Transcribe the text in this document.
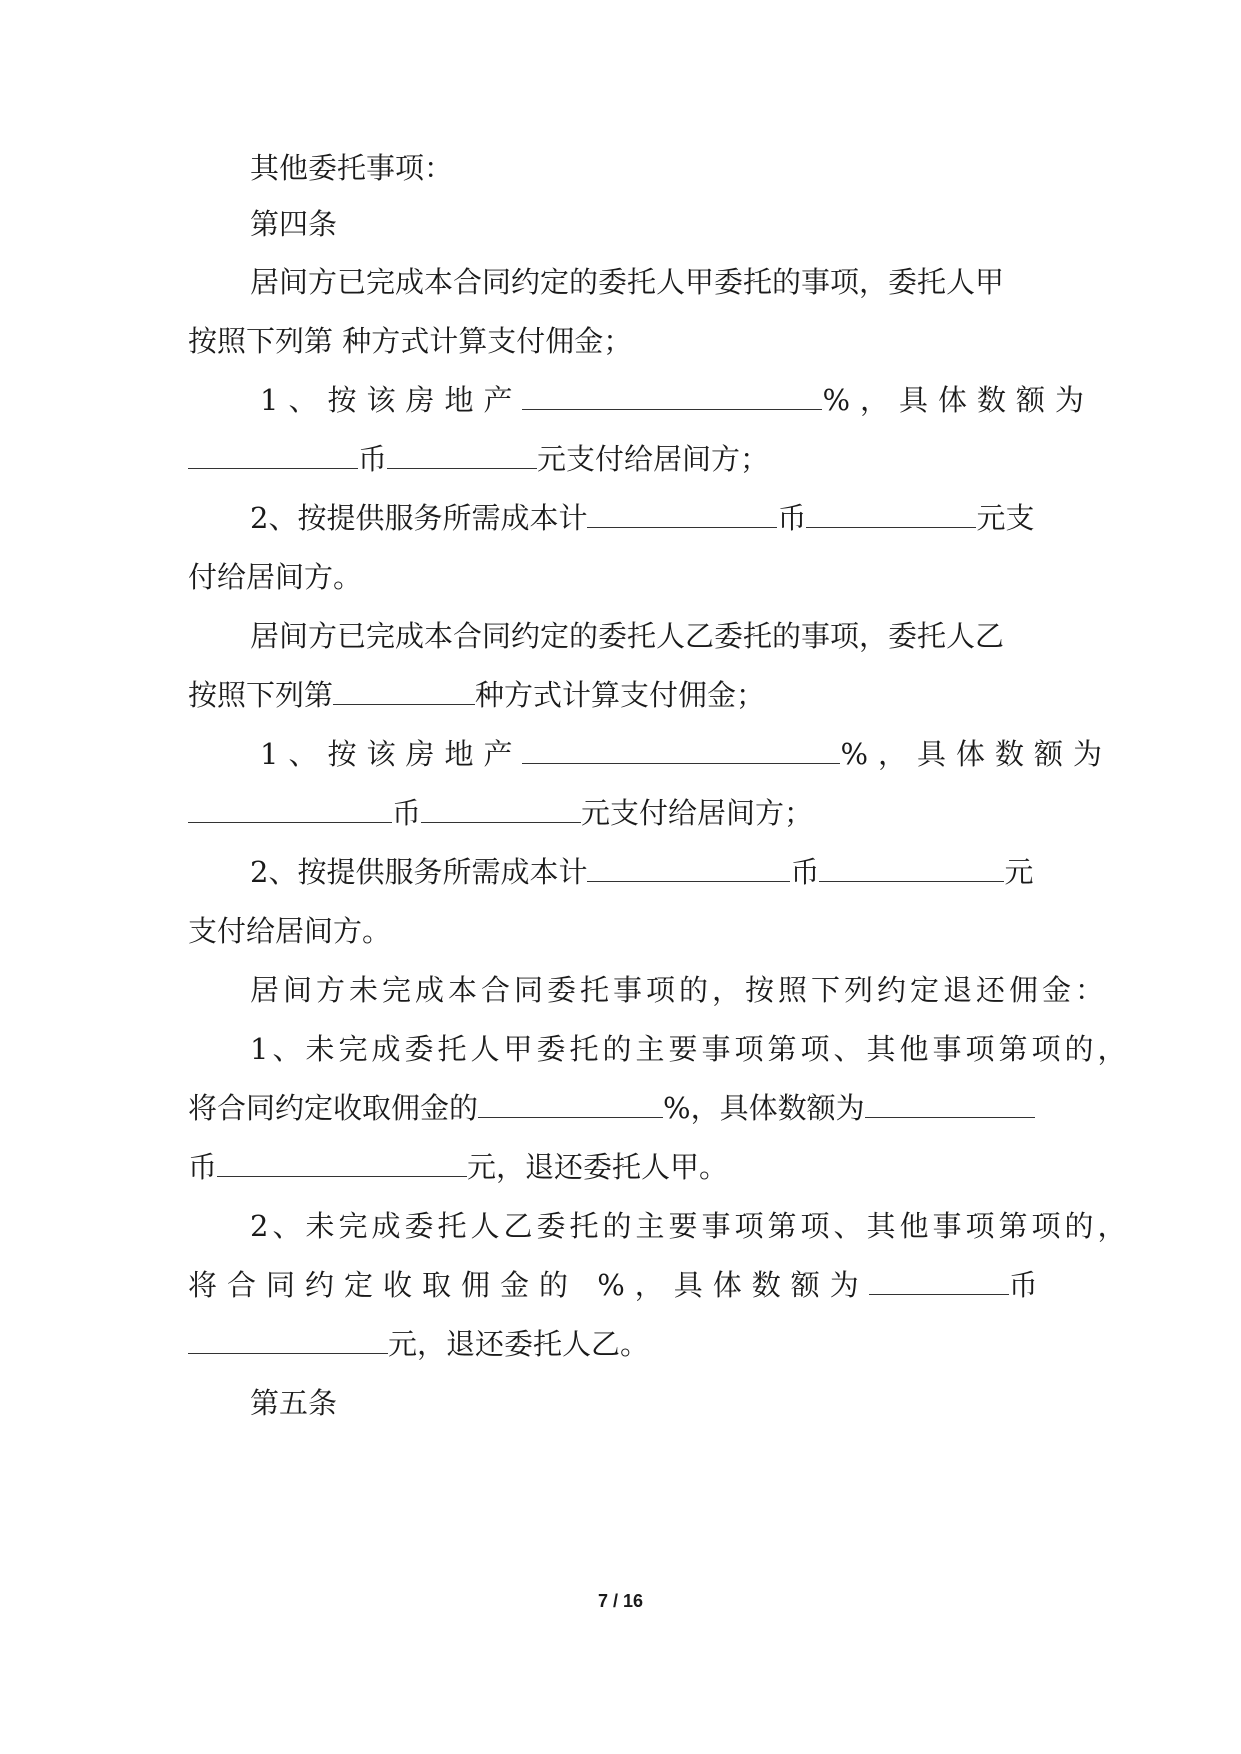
其他委托事项：
第四条
居间方已完成本合同约定的委托人甲委托的事项，委托人甲
按照下列第 种方式计算支付佣金；
1、按该房地产	%，具体数额为
币	元支付给居间方；
2、按提供服务所需成本计	币	元支
付给居间方。
居间方已完成本合同约定的委托人乙委托的事项，委托人乙
按照下列第	种方式计算支付佣金；
1、按该房地产	%，具体数额为
币	元支付给居间方；
2、按提供服务所需成本计	币	元
支付给居间方。
居间方未完成本合同委托事项的，按照下列约定退还佣金：
1、未完成委托人甲委托的主要事项第项、其他事项第项的，
将合同约定收取佣金的	%，具体数额为
币	元，退还委托人甲。
2、未完成委托人乙委托的主要事项第项、其他事项第项的，
将合同约定收取佣金的 %，具体数额为	币
元，退还委托人乙。
第五条
7 / 16
